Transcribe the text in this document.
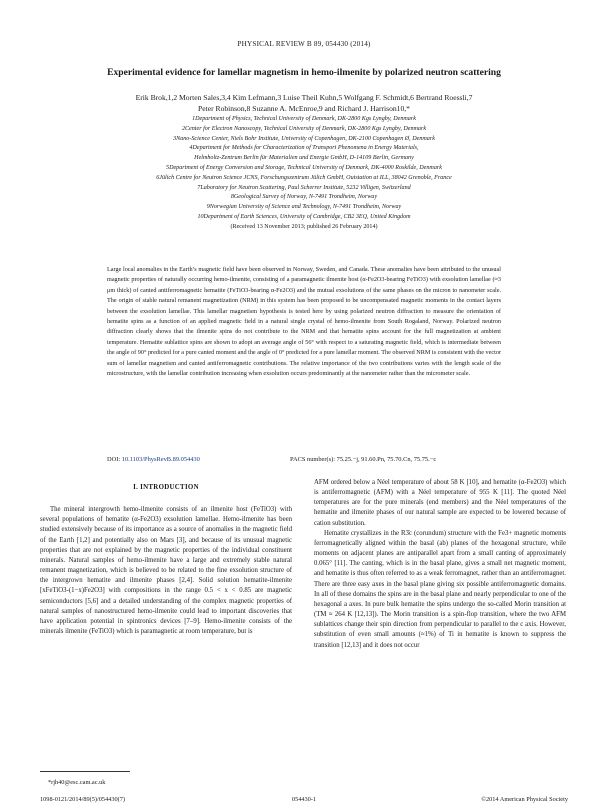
PHYSICAL REVIEW B 89, 054430 (2014)
Experimental evidence for lamellar magnetism in hemo-ilmenite by polarized neutron scattering
Erik Brok,1,2 Morten Sales,3,4 Kim Lefmann,3 Luise Theil Kuhn,5 Wolfgang F. Schmidt,6 Bertrand Roessli,7
Peter Robinson,8 Suzanne A. McEnroe,9 and Richard J. Harrison10,*
1Department of Physics, Technical University of Denmark, DK-2800 Kgs Lyngby, Denmark
2Center for Electron Nanoscopy, Technical University of Denmark, DK-2800 Kgs Lyngby, Denmark
3Nano-Science Center, Niels Bohr Institute, University of Copenhagen, DK-2100 Copenhagen Ø, Denmark
4Department for Methods for Characterization of Transport Phenomena in Energy Materials,
Helmholtz-Zentrum Berlin für Materialien und Energie GmbH, D-14109 Berlin, Germany
5Department of Energy Conversion and Storage, Technical University of Denmark, DK-4000 Roskilde, Denmark
6Jülich Centre for Neutron Science JCNS, Forschungszentrum Jülich GmbH, Outstation at ILL, 38042 Grenoble, France
7Laboratory for Neutron Scattering, Paul Scherrer Institute, 5232 Villigen, Switzerland
8Geological Survey of Norway, N-7491 Trondheim, Norway
9Norwegian University of Science and Technology, N-7491 Trondheim, Norway
10Department of Earth Sciences, University of Cambridge, CB2 3EQ, United Kingdom
(Received 13 November 2013; published 26 February 2014)
Large local anomalies in the Earth’s magnetic field have been observed in Norway, Sweden, and Canada. These anomalies have been attributed to the unusual magnetic properties of naturally occurring hemo-ilmenite, consisting of a paramagnetic ilmenite host (α-Fe2O3-bearing FeTiO3) with exsolution lamellae (≈3 μm thick) of canted antiferromagnetic hematite (FeTiO3-bearing α-Fe2O3) and the mutual exsolutions of the same phases on the micron to nanometer scale. The origin of stable natural remanent magnetization (NRM) in this system has been proposed to be uncompensated magnetic moments in the contact layers between the exsolution lamellae. This lamellar magnetism hypothesis is tested here by using polarized neutron diffraction to measure the orientation of hematite spins as a function of an applied magnetic field in a natural single crystal of hemo-ilmenite from South Rogaland, Norway. Polarized neutron diffraction clearly shows that the ilmenite spins do not contribute to the NRM and that hematite spins account for the full magnetization at ambient temperature. Hematite sublattice spins are shown to adopt an average angle of 56° with respect to a saturating magnetic field, which is intermediate between the angle of 90° predicted for a pure canted moment and the angle of 0° predicted for a pure lamellar moment. The observed NRM is consistent with the vector sum of lamellar magnetism and canted antiferromagnetic contributions. The relative importance of the two contributions varies with the length scale of the microstructure, with the lamellar contribution increasing when exsolution occurs predominantly at the nanometer rather than the micrometer scale.
DOI: 10.1103/PhysRevB.89.054430	PACS number(s): 75.25.−j, 91.60.Pn, 75.70.Cn, 75.75.−c
I. INTRODUCTION

The mineral intergrowth hemo-ilmenite consists of an ilmenite host (FeTiO3) with several populations of hematite (α-Fe2O3) exsolution lamellae. Hemo-ilmenite has been studied extensively because of its importance as a source of anomalies in the magnetic field of the Earth [1,2] and potentially also on Mars [3], and because of its unusual magnetic properties that are not explained by the magnetic properties of the individual constituent minerals. Natural samples of hemo-ilmenite have a large and extremely stable natural remanent magnetization, which is believed to be related to the fine exsolution structure of the intergrown hematite and ilmenite phases [2,4]. Solid solution hematite-ilmenite [xFeTiO3-(1−x)Fe2O3] with compositions in the range 0.5 < x < 0.85 are magnetic semiconductors [5,6] and a detailed understanding of the complex magnetic properties of natural samples of nanostructured hemo-ilmenite could lead to important discoveries that have application potential in spintronics devices [7–9]. Hemo-ilmenite consists of the minerals ilmenite (FeTiO3) which is paramagnetic at room temperature, but is

AFM ordered below a Néel temperature of about 58 K [10], and hematite (α-Fe2O3) which is antiferromagnetic (AFM) with a Néel temperature of 955 K [11]. The quoted Néel temperatures are for the pure minerals (end members) and the Néel temperatures of the hematite and ilmenite phases of our natural sample are expected to be lowered because of cation substitution.

Hematite crystallizes in the R3̄c (corundum) structure with the Fe3+ magnetic moments ferromagnetically aligned within the basal (ab) planes of the hexagonal structure, while moments on adjacent planes are antiparallel apart from a small canting of approximately 0.065° [11]. The canting, which is in the basal plane, gives a small net magnetic moment, and hematite is thus often referred to as a weak ferromagnet, rather than an antiferromagnet. There are three easy axes in the basal plane giving six possible antiferromagnetic domains. In all of these domains the spins are in the basal plane and nearly perpendicular to one of the hexagonal a axes. In pure bulk hematite the spins undergo the so-called Morin transition at (TM ≈ 264 K [12,13]). The Morin transition is a spin-flop transition, where the two AFM sublattices change their spin direction from perpendicular to parallel to the c axis. However, substitution of even small amounts (≈1%) of Ti in hematite is known to suppress the transition [12,13] and it does not occur

*rjh40@esc.cam.ac.uk
1098-0121/2014/89(5)/054430(7)	054430-1	©2014 American Physical Society
